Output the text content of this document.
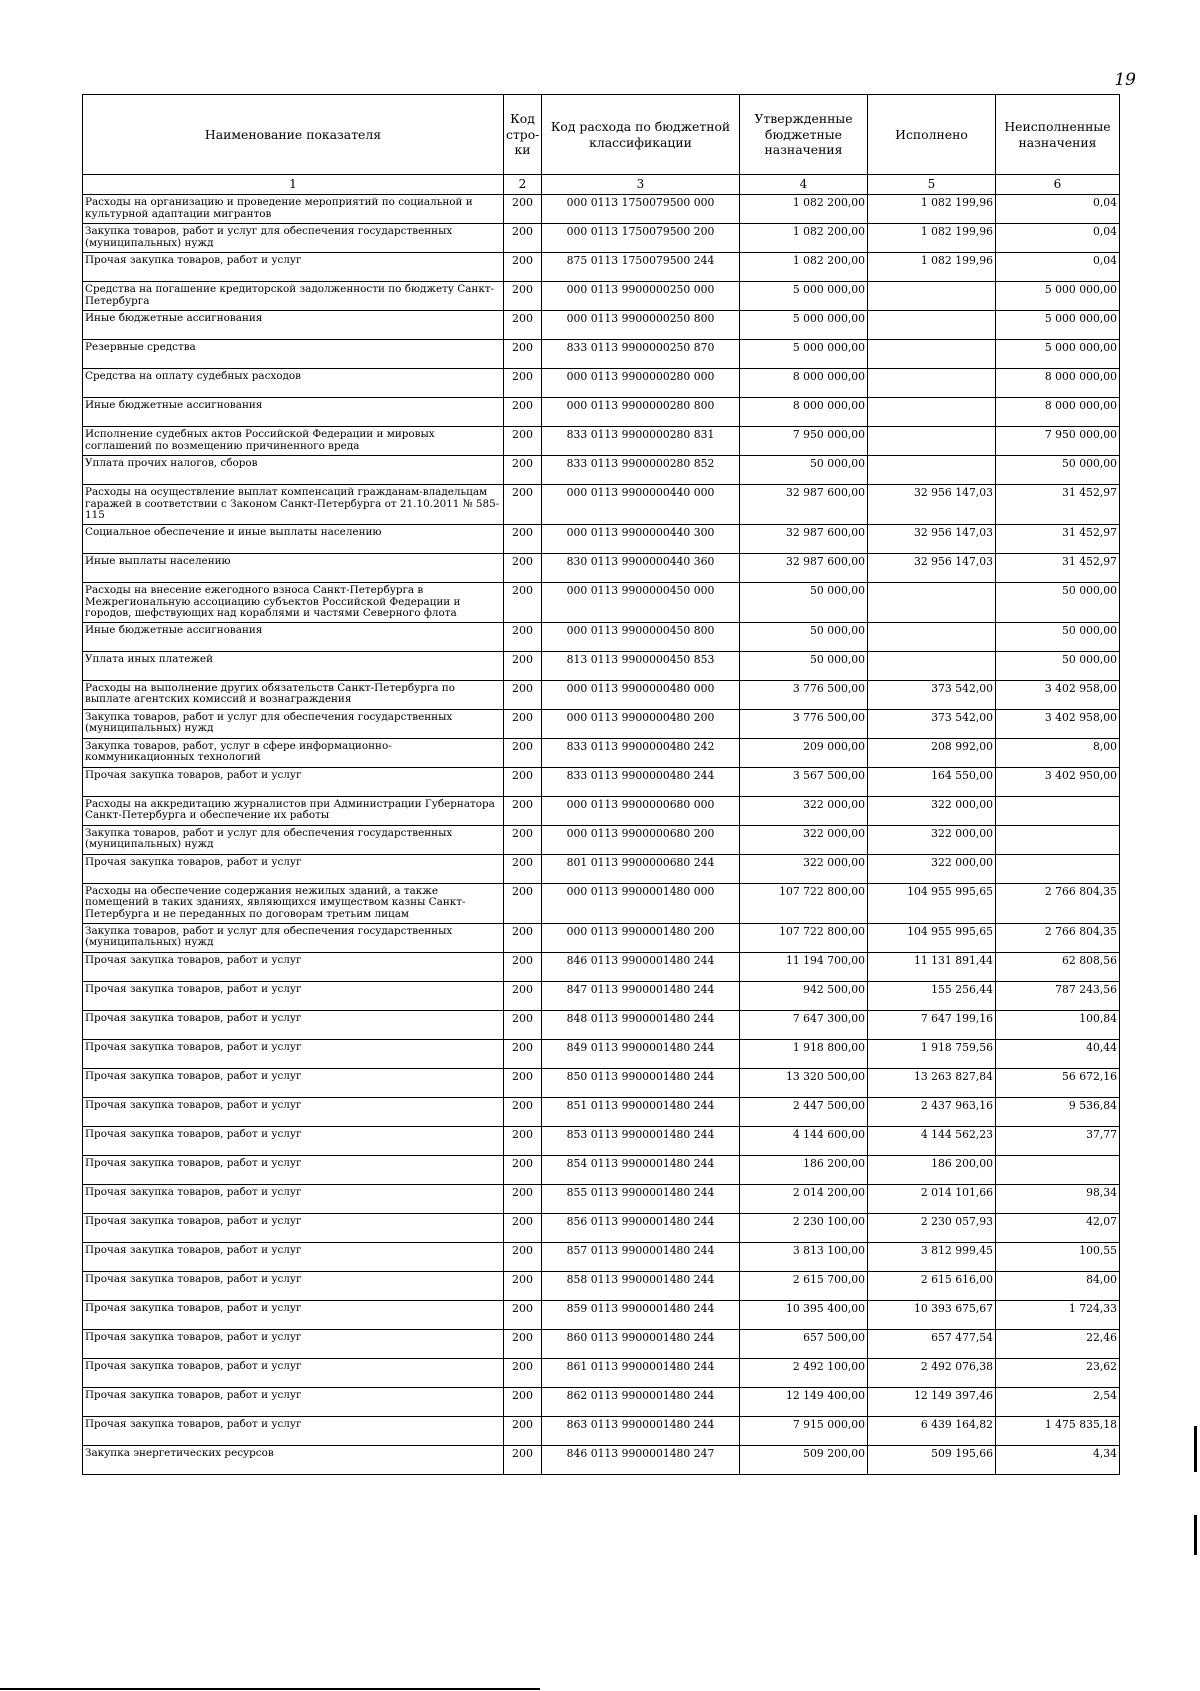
19
Наименование показателя	Код стро-ки	Код расхода по бюджетной классификации	Утвержденные бюджетные назначения	Исполнено	Неисполненные назначения
1	2	3	4	5	6
Расходы на организацию и проведение мероприятий по социальной и культурной адаптации мигрантов	200	000 0113 1750079500 000	1 082 200,00	1 082 199,96	0,04
Закупка товаров, работ и услуг для обеспечения государственных (муниципальных) нужд	200	000 0113 1750079500 200	1 082 200,00	1 082 199,96	0,04
Прочая закупка товаров, работ и услуг	200	875 0113 1750079500 244	1 082 200,00	1 082 199,96	0,04
Средства на погашение кредиторской задолженности по бюджету Санкт-Петербурга	200	000 0113 9900000250 000	5 000 000,00		5 000 000,00
Иные бюджетные ассигнования	200	000 0113 9900000250 800	5 000 000,00		5 000 000,00
Резервные средства	200	833 0113 9900000250 870	5 000 000,00		5 000 000,00
Средства на оплату судебных расходов	200	000 0113 9900000280 000	8 000 000,00		8 000 000,00
Иные бюджетные ассигнования	200	000 0113 9900000280 800	8 000 000,00		8 000 000,00
Исполнение судебных актов Российской Федерации и мировых соглашений по возмещению причиненного вреда	200	833 0113 9900000280 831	7 950 000,00		7 950 000,00
Уплата прочих налогов, сборов	200	833 0113 9900000280 852	50 000,00		50 000,00
Расходы на осуществление выплат компенсаций гражданам-владельцам гаражей в соответствии с Законом Санкт-Петербурга от 21.10.2011 № 585-115	200	000 0113 9900000440 000	32 987 600,00	32 956 147,03	31 452,97
Социальное обеспечение и иные выплаты населению	200	000 0113 9900000440 300	32 987 600,00	32 956 147,03	31 452,97
Иные выплаты населению	200	830 0113 9900000440 360	32 987 600,00	32 956 147,03	31 452,97
Расходы на внесение ежегодного взноса Санкт-Петербурга в Межрегиональную ассоциацию субъектов Российской Федерации и городов, шефствующих над кораблями и частями Северного флота	200	000 0113 9900000450 000	50 000,00		50 000,00
Иные бюджетные ассигнования	200	000 0113 9900000450 800	50 000,00		50 000,00
Уплата иных платежей	200	813 0113 9900000450 853	50 000,00		50 000,00
Расходы на выполнение других обязательств Санкт-Петербурга по выплате агентских комиссий и вознаграждения	200	000 0113 9900000480 000	3 776 500,00	373 542,00	3 402 958,00
Закупка товаров, работ и услуг для обеспечения государственных (муниципальных) нужд	200	000 0113 9900000480 200	3 776 500,00	373 542,00	3 402 958,00
Закупка товаров, работ, услуг в сфере информационно-коммуникационных технологий	200	833 0113 9900000480 242	209 000,00	208 992,00	8,00
Прочая закупка товаров, работ и услуг	200	833 0113 9900000480 244	3 567 500,00	164 550,00	3 402 950,00
Расходы на аккредитацию журналистов при Администрации Губернатора Санкт-Петербурга и обеспечение их работы	200	000 0113 9900000680 000	322 000,00	322 000,00	
Закупка товаров, работ и услуг для обеспечения государственных (муниципальных) нужд	200	000 0113 9900000680 200	322 000,00	322 000,00	
Прочая закупка товаров, работ и услуг	200	801 0113 9900000680 244	322 000,00	322 000,00	
Расходы на обеспечение содержания нежилых зданий, а также помещений в таких зданиях, являющихся имуществом казны Санкт-Петербурга и не переданных по договорам третьим лицам	200	000 0113 9900001480 000	107 722 800,00	104 955 995,65	2 766 804,35
Закупка товаров, работ и услуг для обеспечения государственных (муниципальных) нужд	200	000 0113 9900001480 200	107 722 800,00	104 955 995,65	2 766 804,35
Прочая закупка товаров, работ и услуг	200	846 0113 9900001480 244	11 194 700,00	11 131 891,44	62 808,56
Прочая закупка товаров, работ и услуг	200	847 0113 9900001480 244	942 500,00	155 256,44	787 243,56
Прочая закупка товаров, работ и услуг	200	848 0113 9900001480 244	7 647 300,00	7 647 199,16	100,84
Прочая закупка товаров, работ и услуг	200	849 0113 9900001480 244	1 918 800,00	1 918 759,56	40,44
Прочая закупка товаров, работ и услуг	200	850 0113 9900001480 244	13 320 500,00	13 263 827,84	56 672,16
Прочая закупка товаров, работ и услуг	200	851 0113 9900001480 244	2 447 500,00	2 437 963,16	9 536,84
Прочая закупка товаров, работ и услуг	200	853 0113 9900001480 244	4 144 600,00	4 144 562,23	37,77
Прочая закупка товаров, работ и услуг	200	854 0113 9900001480 244	186 200,00	186 200,00	
Прочая закупка товаров, работ и услуг	200	855 0113 9900001480 244	2 014 200,00	2 014 101,66	98,34
Прочая закупка товаров, работ и услуг	200	856 0113 9900001480 244	2 230 100,00	2 230 057,93	42,07
Прочая закупка товаров, работ и услуг	200	857 0113 9900001480 244	3 813 100,00	3 812 999,45	100,55
Прочая закупка товаров, работ и услуг	200	858 0113 9900001480 244	2 615 700,00	2 615 616,00	84,00
Прочая закупка товаров, работ и услуг	200	859 0113 9900001480 244	10 395 400,00	10 393 675,67	1 724,33
Прочая закупка товаров, работ и услуг	200	860 0113 9900001480 244	657 500,00	657 477,54	22,46
Прочая закупка товаров, работ и услуг	200	861 0113 9900001480 244	2 492 100,00	2 492 076,38	23,62
Прочая закупка товаров, работ и услуг	200	862 0113 9900001480 244	12 149 400,00	12 149 397,46	2,54
Прочая закупка товаров, работ и услуг	200	863 0113 9900001480 244	7 915 000,00	6 439 164,82	1 475 835,18
Закупка энергетических ресурсов	200	846 0113 9900001480 247	509 200,00	509 195,66	4,34
